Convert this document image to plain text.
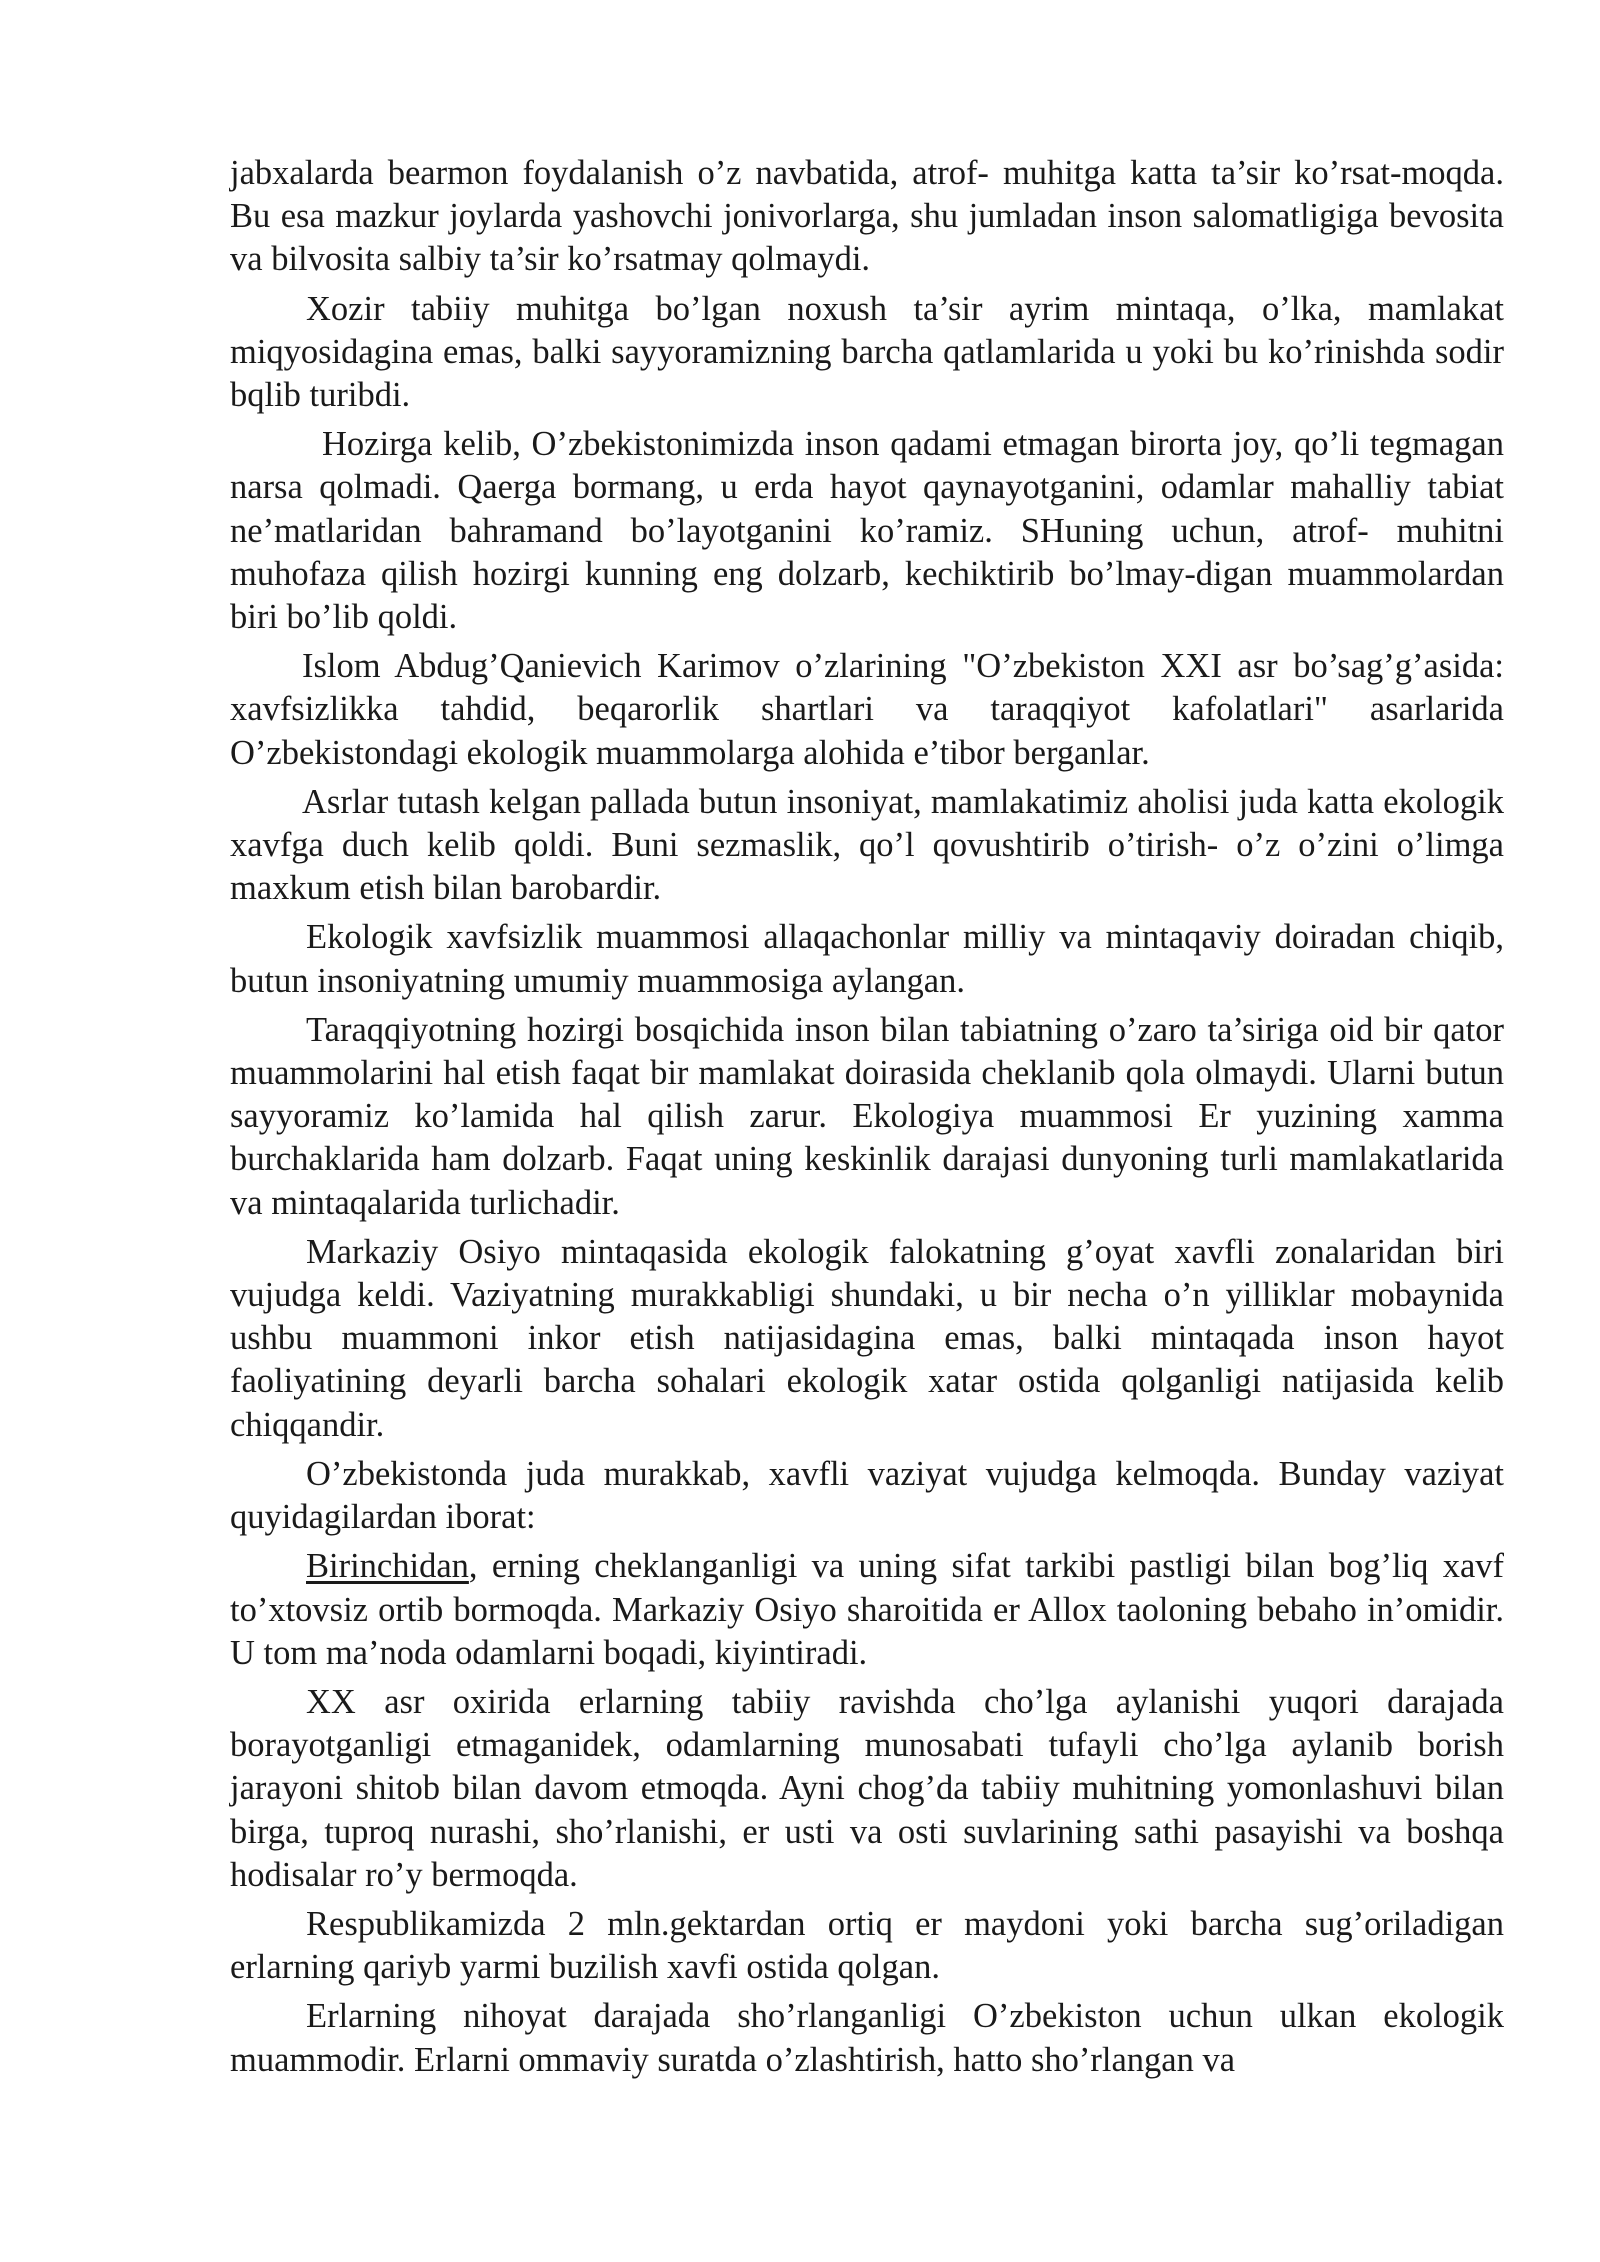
jabxalarda bearmon foydalanish o’z navbatida, atrof- muhitga katta ta’sir ko’rsat-moqda. Bu esa mazkur joylarda yashovchi jonivorlarga, shu jumladan inson salomatligiga bevosita va bilvosita salbiy ta’sir ko’rsatmay qolmaydi.

Xozir tabiiy muhitga bo’lgan noxush ta’sir ayrim mintaqa, o’lka, mamlakat miqyosidagina emas, balki sayyoramizning barcha qatlamlarida u yoki bu ko’rinishda sodir bqlib turibdi.

Hozirga kelib, O’zbekistonimizda inson qadami etmagan birorta joy, qo’li tegmagan narsa qolmadi. Qaerga bormang, u erda hayot qaynayotganini, odamlar mahalliy tabiat ne’matlaridan bahramand bo’layotganini ko’ramiz. SHuning uchun, atrof- muhitni muhofaza qilish hozirgi kunning eng dolzarb, kechiktirib bo’lmay-digan muammolardan biri bo’lib qoldi.

Islom Abdug’Qanievich Karimov o’zlarining "O’zbekiston XXI asr bo’sag’g’asida: xavfsizlikka tahdid, beqarorlik shartlari va taraqqiyot kafolatlari" asarlarida O’zbekistondagi ekologik muammolarga alohida e’tibor berganlar.

Asrlar tutash kelgan pallada butun insoniyat, mamlakatimiz aholisi juda katta ekologik xavfga duch kelib qoldi. Buni sezmaslik, qo’l qovushtirib o’tirish- o’z o’zini o’limga maxkum etish bilan barobardir.

Ekologik xavfsizlik muammosi allaqachonlar milliy va mintaqaviy doiradan chiqib, butun insoniyatning umumiy muammosiga aylangan.

Taraqqiyotning hozirgi bosqichida inson bilan tabiatning o’zaro ta’siriga oid bir qator muammolarini hal etish faqat bir mamlakat doirasida cheklanib qola olmaydi. Ularni butun sayyoramiz ko’lamida hal qilish zarur. Ekologiya muammosi Er yuzining xamma burchaklarida ham dolzarb. Faqat uning keskinlik darajasi dunyoning turli mamlakatlarida va mintaqalarida turlichadir.

Markaziy Osiyo mintaqasida ekologik falokatning g’oyat xavfli zonalaridan biri vujudga keldi. Vaziyatning murakkabligi shundaki, u bir necha o’n yilliklar mobaynida ushbu muammoni inkor etish natijasidagina emas, balki mintaqada inson hayot faoliyatining deyarli barcha sohalari ekologik xatar ostida qolganligi natijasida kelib chiqqandir.

O’zbekistonda juda murakkab, xavfli vaziyat vujudga kelmoqda. Bunday vaziyat quyidagilardan iborat:

Birinchidan, erning cheklanganligi va uning sifat tarkibi pastligi bilan bog’liq xavf to’xtovsiz ortib bormoqda. Markaziy Osiyo sharoitida er Allox taoloning bebaho in’omidir. U tom ma’noda odamlarni boqadi, kiyintiradi.

XX asr oxirida erlarning tabiiy ravishda cho’lga aylanishi yuqori darajada borayotganligi etmaganidek, odamlarning munosabati tufayli cho’lga aylanib borish jarayoni shitob bilan davom etmoqda. Ayni chog’da tabiiy muhitning yomonlashuvi bilan birga, tuproq nurashi, sho’rlanishi, er usti va osti suvlarining sathi pasayishi va boshqa hodisalar ro’y bermoqda.

Respublikamizda 2 mln.gektardan ortiq er maydoni yoki barcha sug’oriladigan erlarning qariyb yarmi buzilish xavfi ostida qolgan.

Erlarning nihoyat darajada sho’rlanganligi O’zbekiston uchun ulkan ekologik muammodir. Erlarni ommaviy suratda o’zlashtirish, hatto sho’rlangan va
